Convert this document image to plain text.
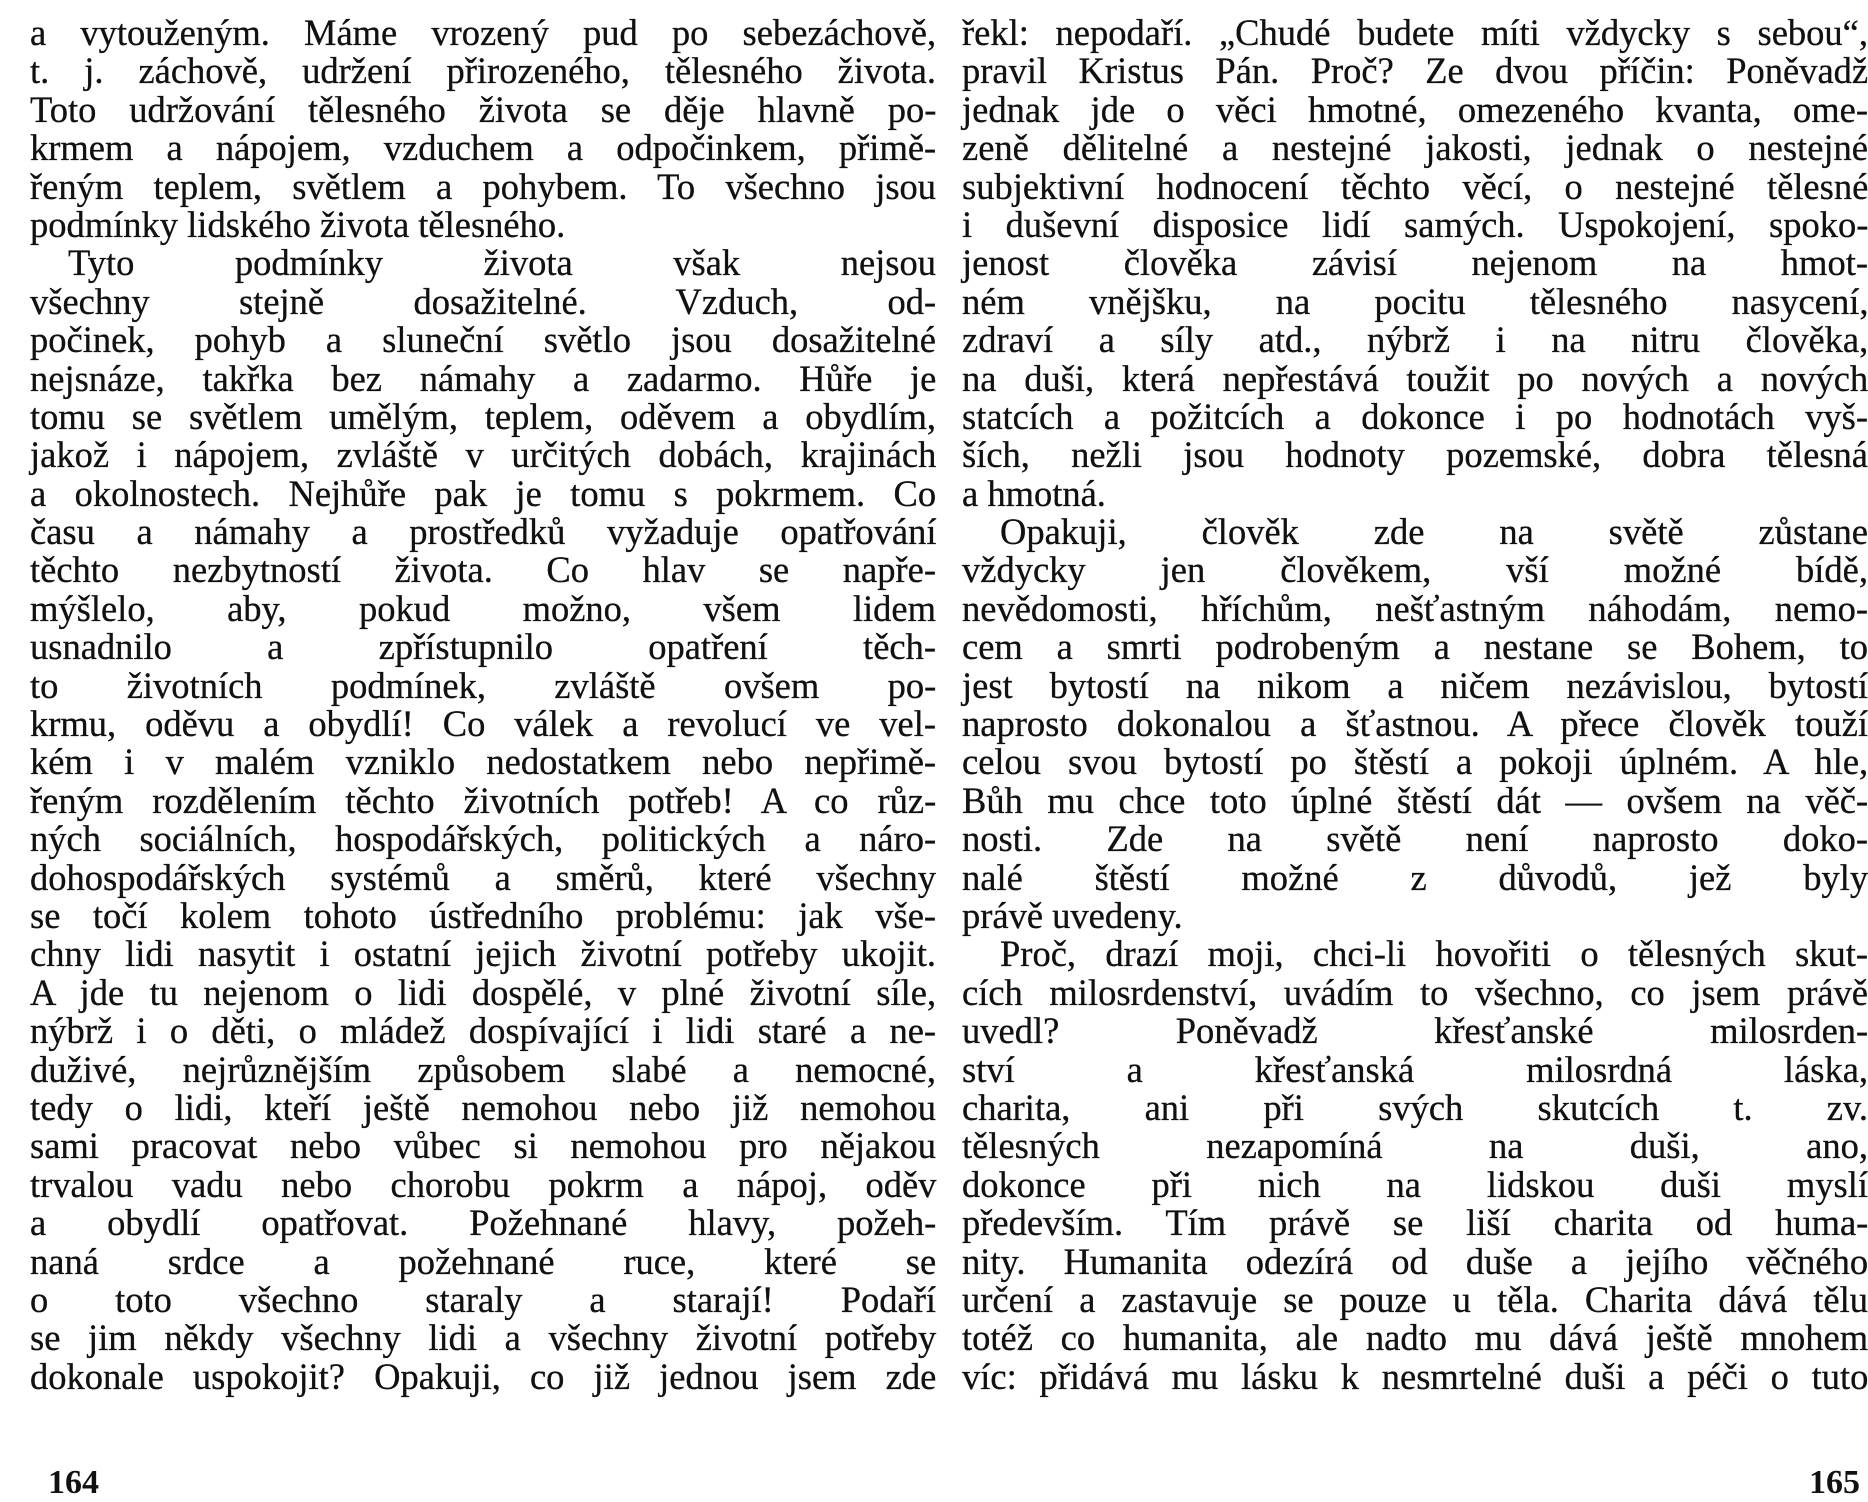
a vytouženým. Máme vrozený pud po sebezáchově,
t. j. záchově, udržení přirozeného, tělesného života.
Toto udržování tělesného života se děje hlavně po-
krmem a nápojem, vzduchem a odpočinkem, přimě-
řeným teplem, světlem a pohybem. To všechno jsou
podmínky lidského života tělesného.
Tyto podmínky života však nejsou
všechny stejně dosažitelné. Vzduch, od-
počinek, pohyb a sluneční světlo jsou dosažitelné
nejsnáze, takřka bez námahy a zadarmo. Hůře je
tomu se světlem umělým, teplem, oděvem a obydlím,
jakož i nápojem, zvláště v určitých dobách, krajinách
a okolnostech. Nejhůře pak je tomu s pokrmem. Co
času a námahy a prostředků vyžaduje opatřování
těchto nezbytností života. Co hlav se napře-
mýšlelo, aby, pokud možno, všem lidem
usnadnilo a zpřístupnilo opatření těch-
to životních podmínek, zvláště ovšem po-
krmu, oděvu a obydlí! Co válek a revolucí ve vel-
kém i v malém vzniklo nedostatkem nebo nepřimě-
řeným rozdělením těchto životních potřeb! A co růz-
ných sociálních, hospodářských, politických a náro-
dohospodářských systémů a směrů, které všechny
se točí kolem tohoto ústředního problému: jak vše-
chny lidi nasytit i ostatní jejich životní potřeby ukojit.
A jde tu nejenom o lidi dospělé, v plné životní síle,
nýbrž i o děti, o mládež dospívající i lidi staré a ne-
duživé, nejrůznějším způsobem slabé a nemocné,
tedy o lidi, kteří ještě nemohou nebo již nemohou
sami pracovat nebo vůbec si nemohou pro nějakou
trvalou vadu nebo chorobu pokrm a nápoj, oděv
a obydlí opatřovat. Požehnané hlavy, požeh-
naná srdce a požehnané ruce, které se
o toto všechno staraly a starají! Podaří
se jim někdy všechny lidi a všechny životní potřeby
dokonale uspokojit? Opakuji, co již jednou jsem zde
164
řekl: nepodaří. „Chudé budete míti vždycky s sebou“,
pravil Kristus Pán. Proč? Ze dvou příčin: Poněvadž
jednak jde o věci hmotné, omezeného kvanta, ome-
zeně dělitelné a nestejné jakosti, jednak o nestejné
subjektivní hodnocení těchto věcí, o nestejné tělesné
i duševní disposice lidí samých. Uspokojení, spoko-
jenost člověka závisí nejenom na hmot-
ném vnějšku, na pocitu tělesného nasycení,
zdraví a síly atd., nýbrž i na nitru člověka,
na duši, která nepřestává toužit po nových a nových
statcích a požitcích a dokonce i po hodnotách vyš-
ších, nežli jsou hodnoty pozemské, dobra tělesná
a hmotná.
Opakuji, člověk zde na světě zůstane
vždycky jen člověkem, vší možné bídě,
nevědomosti, hříchům, nešťastným náhodám, nemo-
cem a smrti podrobeným a nestane se Bohem, to
jest bytostí na nikom a ničem nezávislou, bytostí
naprosto dokonalou a šťastnou. A přece člověk touží
celou svou bytostí po štěstí a pokoji úplném. A hle,
Bůh mu chce toto úplné štěstí dát — ovšem na věč-
nosti. Zde na světě není naprosto doko-
nalé štěstí možné z důvodů, jež byly
právě uvedeny.
Proč, drazí moji, chci-li hovořiti o tělesných skut-
cích milosrdenství, uvádím to všechno, co jsem právě
uvedl? Poněvadž křesťanské milosrden-
ství a křesťanská milosrdná láska,
charita, ani při svých skutcích t. zv.
tělesných nezapomíná na duši, ano,
dokonce při nich na lidskou duši myslí
především. Tím právě se liší charita od huma-
nity. Humanita odezírá od duše a jejího věčného
určení a zastavuje se pouze u těla. Charita dává tělu
totéž co humanita, ale nadto mu dává ještě mnohem
víc: přidává mu lásku k nesmrtelné duši a péči o tuto
165
